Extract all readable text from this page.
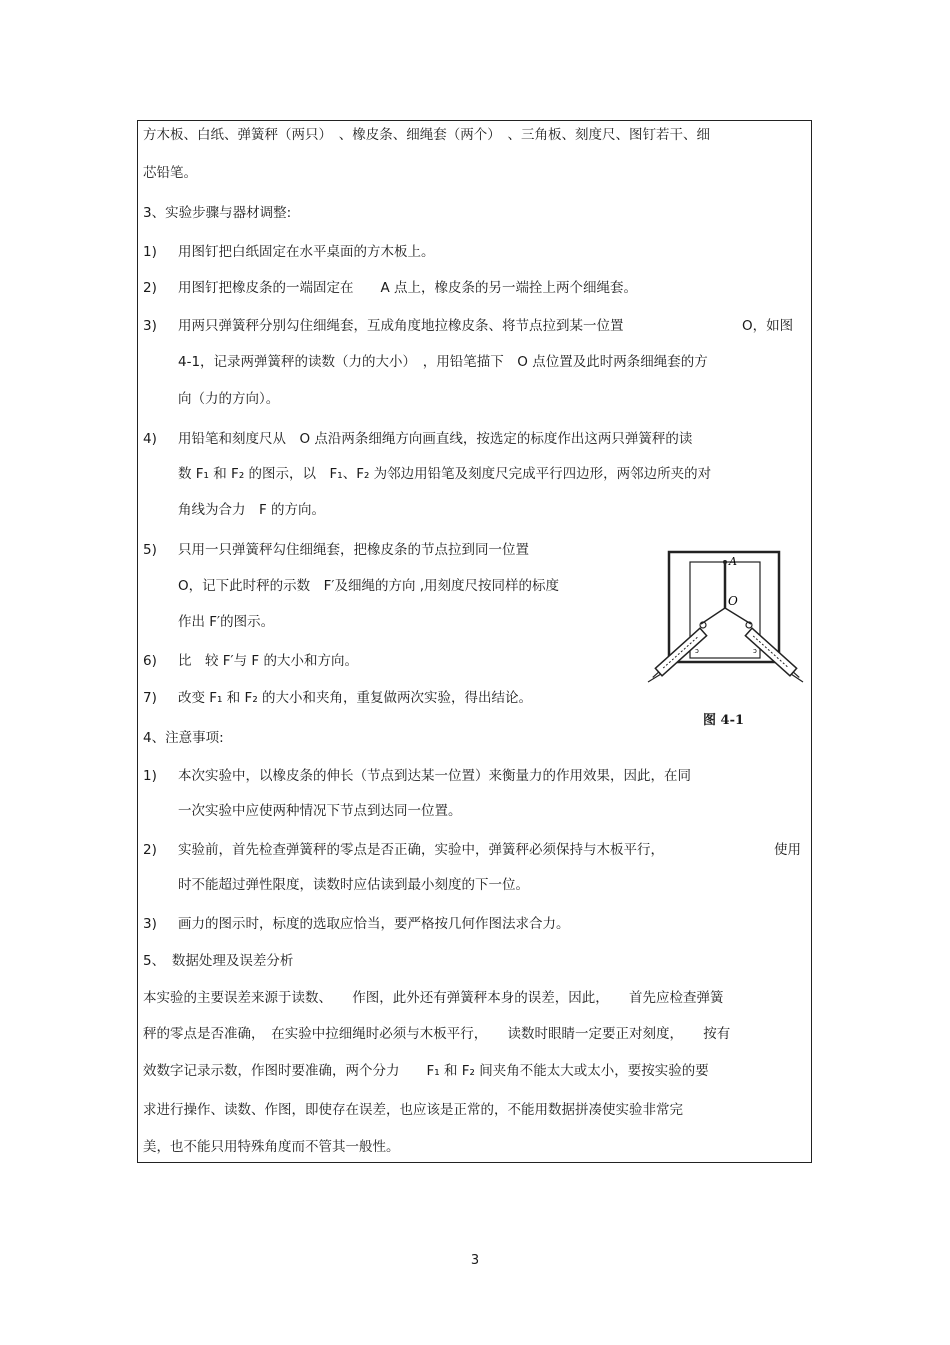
方木板、白纸、弹簧秤（两只）　、橡皮条、细绳套（两个）　、三角板、刻度尺、图钉若干、细
芯铅笔。
3、实验步骤与器材调整:
1) 用图钉把白纸固定在水平桌面的方木板上。
2) 用图钉把橡皮条的一端固定在　　A 点上，橡皮条的另一端拴上两个细绳套。
3) 用两只弹簧秤分别勾住细绳套，互成角度地拉橡皮条、将节点拉到某一位置	O，如图
4-1，记录两弹簧秤的读数（力的大小）　，用铅笔描下　O 点位置及此时两条细绳套的方
向（力的方向）。
4) 用铅笔和刻度尺从　O 点沿两条细绳方向画直线，按选定的标度作出这两只弹簧秤的读
数 F₁ 和 F₂ 的图示，以　F₁、F₂ 为邻边用铅笔及刻度尺完成平行四边形，两邻边所夹的对
角线为合力　F 的方向。
5) 只用一只弹簧秤勾住细绳套，把橡皮条的节点拉到同一位置
O，记下此时秤的示数　F′及细绳的方向 ,用刻度尺按同样的标度
作出 F′的图示。
6) 比　较 F′与 F 的大小和方向。
7) 改变 F₁ 和 F₂ 的大小和夹角，重复做两次实验，得出结论。
4、注意事项:
1) 本次实验中，以橡皮条的伸长（节点到达某一位置）来衡量力的作用效果，因此，在同
一次实验中应使两种情况下节点到达同一位置。
2) 实验前，首先检查弹簧秤的零点是否正确，实验中，弹簧秤必须保持与木板平行，	使用
时不能超过弹性限度，读数时应估读到最小刻度的下一位。
3) 画力的图示时，标度的选取应恰当，要严格按几何作图法求合力。
5、　数据处理及误差分析
本实验的主要误差来源于读数、　　作图，此外还有弹簧秤本身的误差，因此，　　首先应检查弹簧
秤的零点是否准确，　在实验中拉细绳时必须与木板平行，　　读数时眼睛一定要正对刻度，　　按有
效数字记录示数，作图时要准确，两个分力　　F₁ 和 F₂ 间夹角不能太大或太小，要按实验的要
求进行操作、读数、作图，即使存在误差，也应该是正常的，不能用数据拼凑使实验非常完
美，也不能只用特殊角度而不管其一般性。
A
O
ɔ	ɔ
图 4-1
3
